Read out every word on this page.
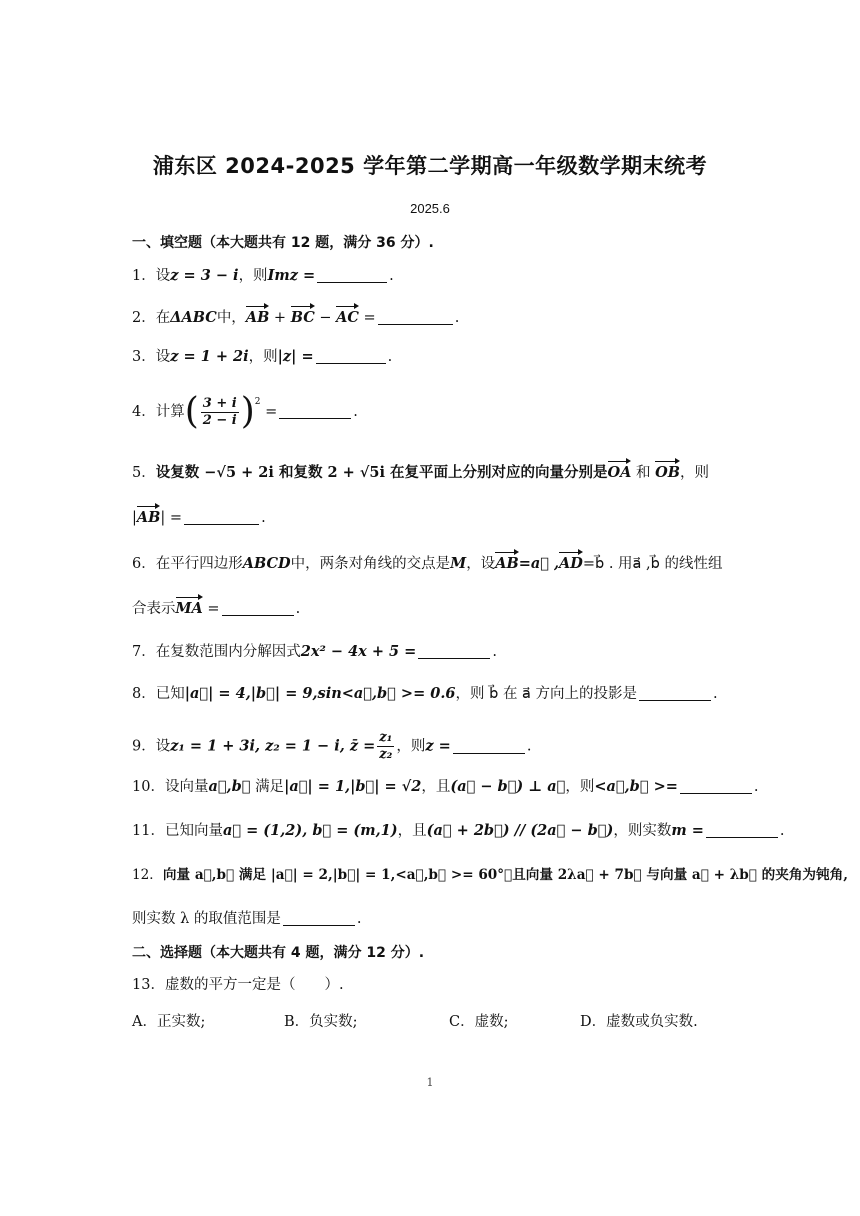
浦东区 2024-2025 学年第二学期高一年级数学期末统考
2025.6
一、填空题（本大题共有 12 题，满分 36 分）.
1．设z = 3 − i，则Imz =	.
2．在ΔABC中，AB + BC − AC =	.
3．设z = 1 + 2i，则|z| =	.
4．计算( $\frac{3 + i}{2 - i} )^2$ =	.
5．设复数 −√5 + 2i 和复数 2 + √5i 在复平面上分别对应的向量分别是OA 和 OB，则
|AB| =	.
6．在平行四边形ABCD中，两条对角线的交点是M，设AB=a⃗ ,AD=b⃗ . 用a⃗ ,b⃗ 的线性组
合表示MA =	.
7．在复数范围内分解因式2x² − 4x + 5 =	.
8．已知|a⃗| = 4,|b⃗| = 9,sin<a⃗,b⃗ >= 0.6，则 b⃗ 在 a⃗ 方向上的投影是	.
9．设z₁ = 1 + 3i, z₂ = 1 − i, z̄ = $\frac{\text{z₁}}{\text{z₂}}$ ，则z =	.
10．设向量a⃗,b⃗ 满足|a⃗| = 1,|b⃗| = √2，且(a⃗ − b⃗) ⊥ a⃗，则<a⃗,b⃗ >=	.
11．已知向量a⃗ = (1,2), b⃗ = (m,1)，且(a⃗ + 2b⃗) // (2a⃗ − b⃗)，则实数m =	.
12．向量 a⃗,b⃗ 满足 |a⃗| = 2,|b⃗| = 1,<a⃗,b⃗ >= 60°，且向量 2λa⃗ + 7b⃗ 与向量 a⃗ + λb⃗ 的夹角为钝角,
则实数 λ 的取值范围是	.
二、选择题（本大题共有 4 题，满分 12 分）.
13．虚数的平方一定是（　　）.
A．正实数;	B．负实数;	C．虚数;	D．虚数或负实数.
1
